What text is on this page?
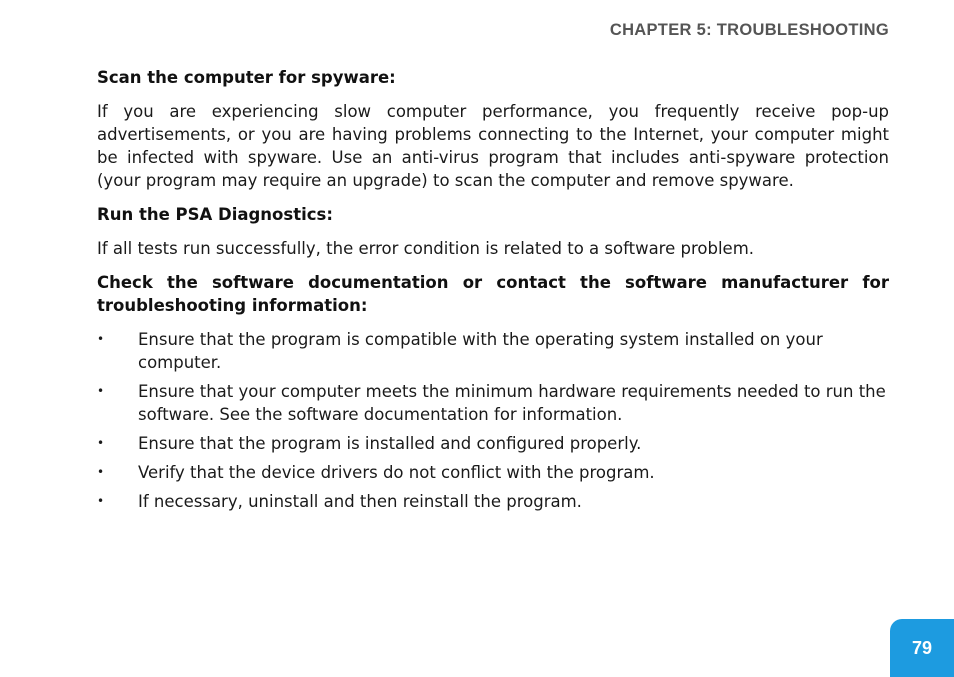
CHAPTER 5: TROUBLESHOOTING

Scan the computer for spyware:

If you are experiencing slow computer performance, you frequently receive pop-up advertisements, or you are having problems connecting to the Internet, your computer might be infected with spyware. Use an anti-virus program that includes anti-spyware protection (your program may require an upgrade) to scan the computer and remove spyware.

Run the PSA Diagnostics:

If all tests run successfully, the error condition is related to a software problem.

Check the software documentation or contact the software manufacturer for
troubleshooting information:
• Ensure that the program is compatible with the operating system installed on your computer.
• Ensure that your computer meets the minimum hardware requirements needed to run the software. See the software documentation for information.
• Ensure that the program is installed and configured properly.
• Verify that the device drivers do not conflict with the program.
• If necessary, uninstall and then reinstall the program.
79
